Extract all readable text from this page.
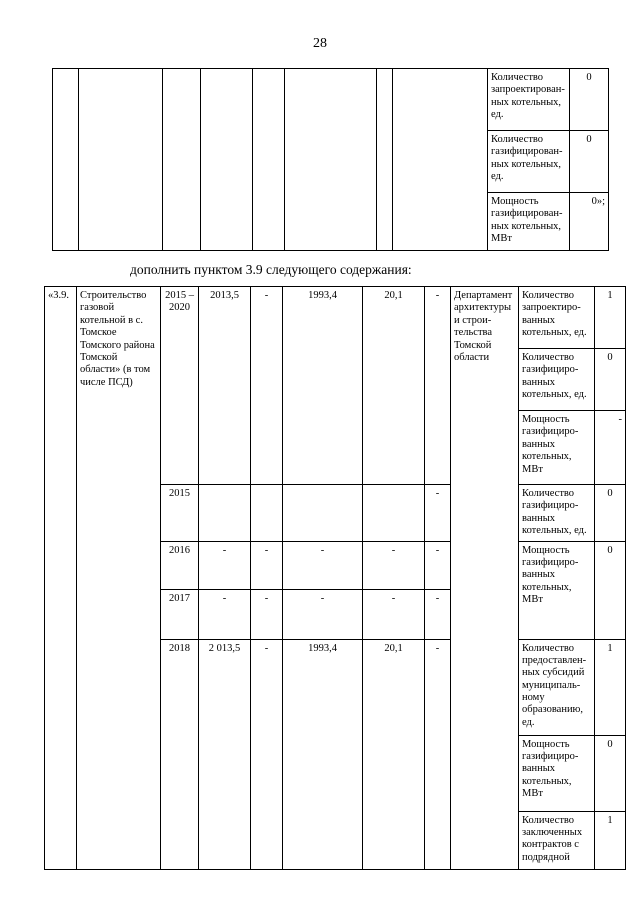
28
								Количество запроектирован-ных котельных, ед.	0
								Количество газифицирован-ных котельных, ед.	0
								Мощность газифицирован-ных котельных, МВт	0»;
дополнить пунктом 3.9 следующего содержания:
«3.9.	Строительство газовой котельной в с. Томское Томского района Томской области» (в том числе ПСД)	2015 – 2020	2013,5	-	1993,4	20,1	-	Департамент архитектуры и строи-тельства Томской области	Количество запроектиро-ванных котельных, ед.	1
									Количество газифициро-ванных котельных, ед.	0
									Мощность газифициро-ванных котельных, МВт	-
		2015					-		Количество газифициро-ванных котельных, ед.	0

		2016	-	-	-	-	-		Мощность газифициро-ванных котельных, МВт	0

		2017	-	-	-	-	-			
		2018	2 013,5	-	1993,4	20,1	-		Количество предоставлен-ных субсидий муниципаль-ному образованию, ед.	1
									Мощность газифициро-ванных котельных, МВт	0
									Количество заключенных контрактов с подрядной	1
